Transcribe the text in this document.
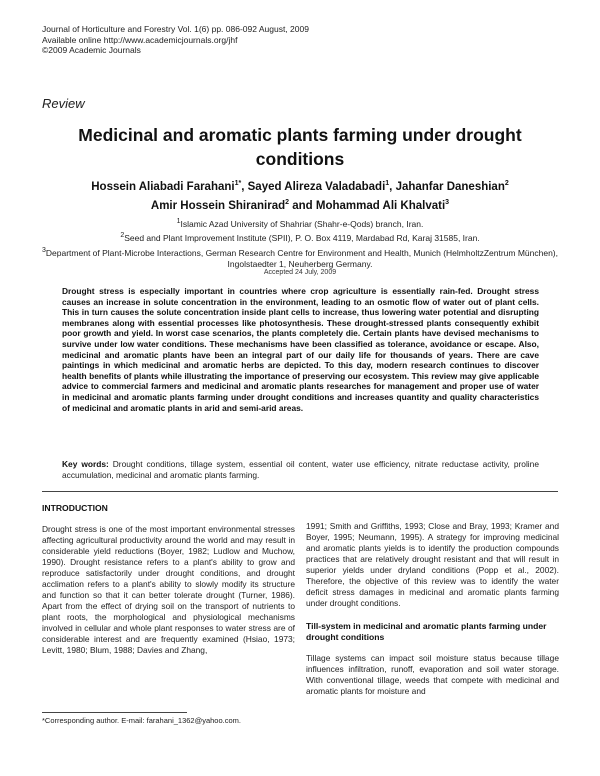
Journal of Horticulture and Forestry Vol. 1(6) pp. 086-092 August, 2009
Available online http://www.academicjournals.org/jhf
©2009 Academic Journals
Review
Medicinal and aromatic plants farming under drought conditions
Hossein Aliabadi Farahani$^{1*}$, Sayed Alireza Valadabadi$^1$, Jahanfar Daneshian$^2$
Amir Hossein Shiranirad$^2$ and Mohammad Ali Khalvati$^3$
$^1$Islamic Azad University of Shahriar (Shahr-e-Qods) branch, Iran.
$^2$Seed and Plant Improvement Institute (SPII), P. O. Box 4119, Mardabad Rd, Karaj 31585, Iran.
$^3$Department of Plant-Microbe Interactions, German Research Centre for Environment and Health, Munich (HelmholtzZentrum München), Ingolstaedter 1, Neuherberg Germany.
Accepted 24 July, 2009
Drought stress is especially important in countries where crop agriculture is essentially rain-fed. Drought stress causes an increase in solute concentration in the environment, leading to an osmotic flow of water out of plant cells. This in turn causes the solute concentration inside plant cells to increase, thus lowering water potential and disrupting membranes along with essential processes like photosynthesis. These drought-stressed plants consequently exhibit poor growth and yield. In worst case scenarios, the plants completely die. Certain plants have devised mechanisms to survive under low water conditions. These mechanisms have been classified as tolerance, avoidance or escape. Also, medicinal and aromatic plants have been an integral part of our daily life for thousands of years. There are cave paintings in which medicinal and aromatic herbs are depicted. To this day, modern research continues to discover health benefits of plants while illustrating the importance of preserving our ecosystem. This review may give applicable advice to commercial farmers and medicinal and aromatic plants researches for management and proper use of water in medicinal and aromatic plants farming under drought conditions and increases quantity and quality characteristics of medicinal and aromatic plants in arid and semi-arid areas.
Key words: Drought conditions, tillage system, essential oil content, water use efficiency, nitrate reductase activity, proline accumulation, medicinal and aromatic plants farming.
INTRODUCTION

Drought stress is one of the most important environmental stresses affecting agricultural productivity around the world and may result in considerable yield reductions (Boyer, 1982; Ludlow and Muchow, 1990). Drought resistance refers to a plant's ability to grow and reproduce satisfactorily under drought conditions, and drought acclimation refers to a plant's ability to slowly modify its structure and function so that it can better tolerate drought (Turner, 1986). Apart from the effect of drying soil on the transport of nutrients to plant roots, the morphological and physiological mechanisms involved in cellular and whole plant responses to water stress are of considerable interest and are frequently examined (Hsiao, 1973; Levitt, 1980; Blum, 1988; Davies and Zhang,

1991; Smith and Griffiths, 1993; Close and Bray, 1993; Kramer and Boyer, 1995; Neumann, 1995). A strategy for improving medicinal and aromatic plants yields is to identify the production compounds practices that are relatively drought resistant and that will result in superior yields under dryland conditions (Popp et al., 2002). Therefore, the objective of this review was to identify the water deficit stress damages in medicinal and aromatic plants farming under drought conditions.

Till-system in medicinal and aromatic plants farming under drought conditions

Tillage systems can impact soil moisture status because tillage influences infiltration, runoff, evaporation and soil water storage. With conventional tillage, weeds that compete with medicinal and aromatic plants for moisture and

*Corresponding author. E-mail: farahani_1362@yahoo.com.
